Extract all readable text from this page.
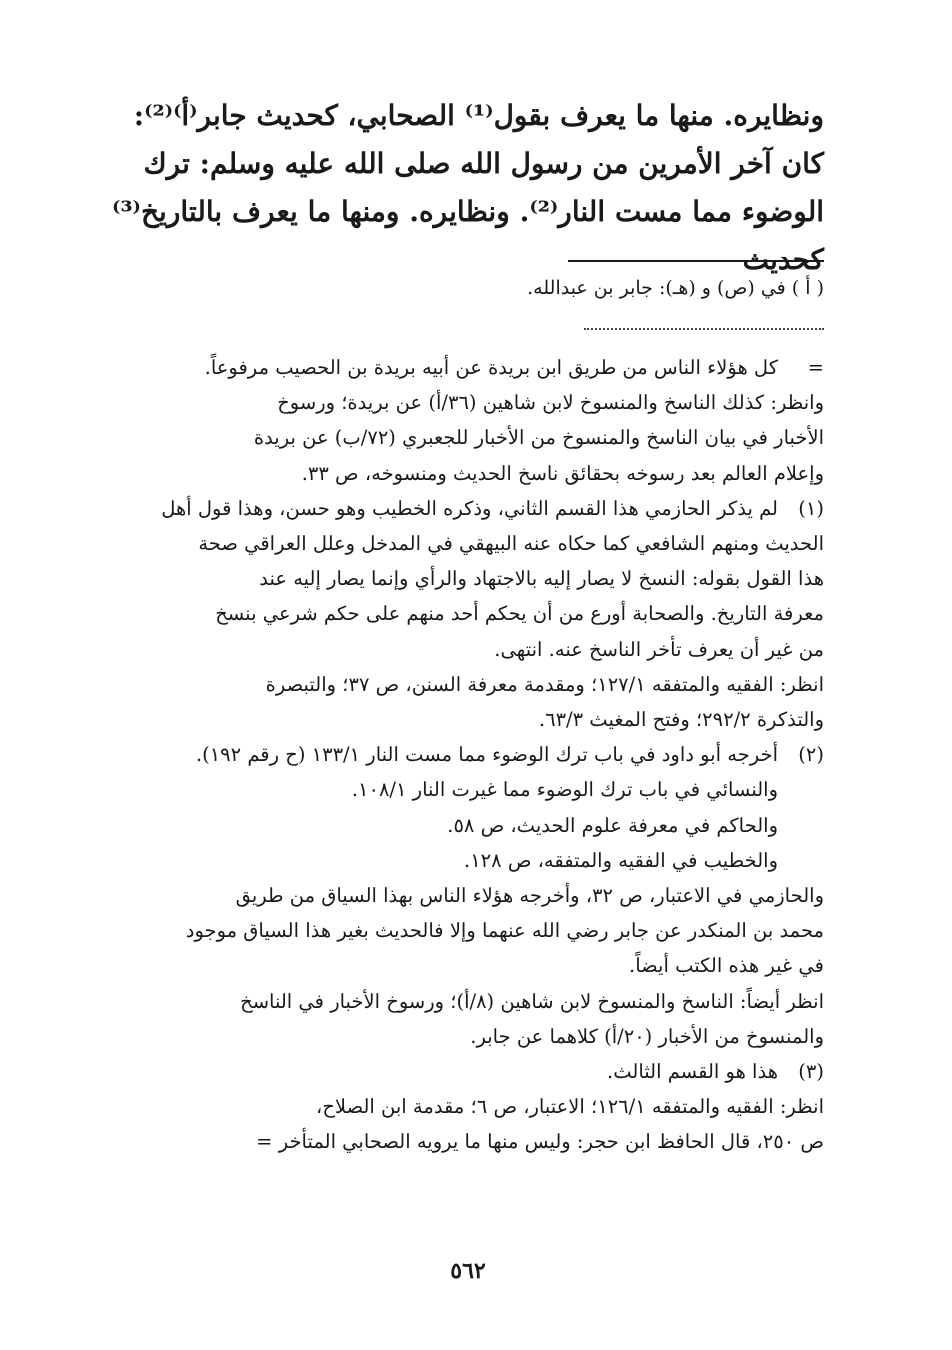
ونظايره. منها ما يعرف بقول⁽¹⁾ الصحابي، كحديث جابر⁽أ⁾⁽²⁾:

كان آخر الأمرين من رسول الله صلى الله عليه وسلم: ترك

الوضوء مما مست النار⁽²⁾. ونظايره. ومنها ما يعرف بالتاريخ⁽³⁾ كحديث

( أ ) في (ص) و (هـ): جابر بن عبدالله.
=
كل هؤلاء الناس من طريق ابن بريدة عن أبيه بريدة بن الحصيب مرفوعاً.
وانظر: كذلك الناسخ والمنسوخ لابن شاهين (٣٦/أ) عن بريدة؛ ورسوخ
الأخبار في بيان الناسخ والمنسوخ من الأخبار للجعبري (٧٢/ب) عن بريدة
وإعلام العالم بعد رسوخه بحقائق ناسخ الحديث ومنسوخه، ص ٣٣.
(١)
لم يذكر الحازمي هذا القسم الثاني، وذكره الخطيب وهو حسن، وهذا قول أهل
الحديث ومنهم الشافعي كما حكاه عنه البيهقي في المدخل وعلل العراقي صحة
هذا القول بقوله: النسخ لا يصار إليه بالاجتهاد والرأي وإنما يصار إليه عند
معرفة التاريخ. والصحابة أورع من أن يحكم أحد منهم على حكم شرعي بنسخ
من غير أن يعرف تأخر الناسخ عنه. انتهى.
انظر: الفقيه والمتفقه ١٢٧/١؛ ومقدمة معرفة السنن، ص ٣٧؛ والتبصرة
والتذكرة ٢٩٢/٢؛ وفتح المغيث ٦٣/٣.
(٢)
أخرجه أبو داود في باب ترك الوضوء مما مست النار ١٣٣/١ (ح رقم ١٩٢).
والنسائي في باب ترك الوضوء مما غيرت النار ١٠٨/١.
والحاكم في معرفة علوم الحديث، ص ٥٨.
والخطيب في الفقيه والمتفقه، ص ١٢٨.
والحازمي في الاعتبار، ص ٣٢، وأخرجه هؤلاء الناس بهذا السياق من طريق
محمد بن المنكدر عن جابر رضي الله عنهما وإلا فالحديث بغير هذا السياق موجود
في غير هذه الكتب أيضاً.
انظر أيضاً: الناسخ والمنسوخ لابن شاهين (٨/أ)؛ ورسوخ الأخبار في الناسخ
والمنسوخ من الأخبار (٢٠/أ) كلاهما عن جابر.
(٣)
هذا هو القسم الثالث.
انظر: الفقيه والمتفقه ١٢٦/١؛ الاعتبار، ص ٦؛ مقدمة ابن الصلاح،
ص ٢٥٠، قال الحافظ ابن حجر: وليس منها ما يرويه الصحابي المتأخر =
٥٦٢
